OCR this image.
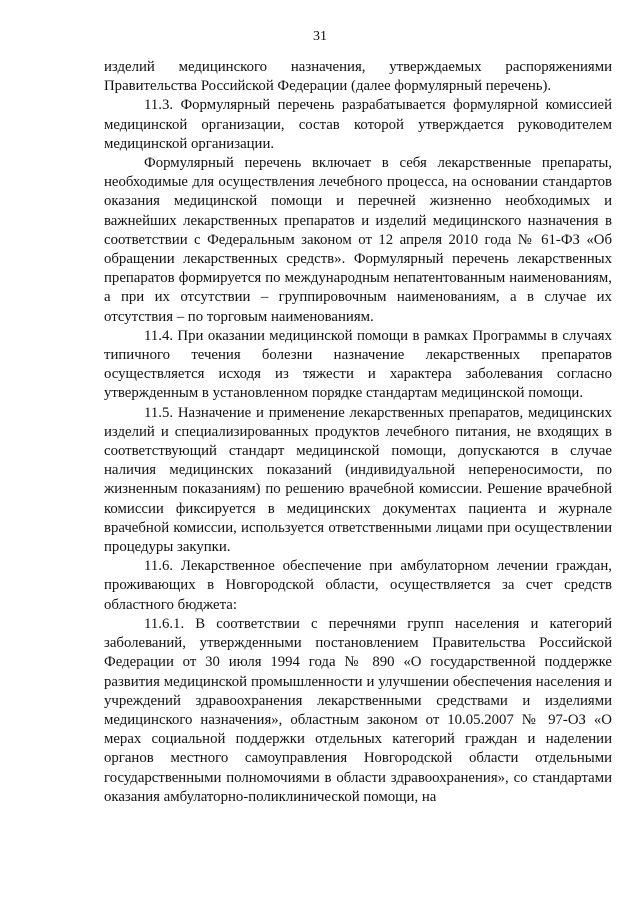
31

изделий медицинского назначения, утверждаемых распоряжениями Правительства Российской Федерации (далее формулярный перечень).

11.3. Формулярный перечень разрабатывается формулярной комиссией медицинской организации, состав которой утверждается руководителем медицинской организации.

Формулярный перечень включает в себя лекарственные препараты, необходимые для осуществления лечебного процесса, на основании стандартов оказания медицинской помощи и перечней жизненно необходимых и важнейших лекарственных препаратов и изделий медицинского назначения в соответствии с Федеральным законом от 12 апреля 2010 года № 61-ФЗ «Об обращении лекарственных средств». Формулярный перечень лекарственных препаратов формируется по международным непатентованным наименованиям, а при их отсутствии – группировочным наименованиям, а в случае их отсутствия – по торговым наименованиям.

11.4. При оказании медицинской помощи в рамках Программы в случаях типичного течения болезни назначение лекарственных препаратов осуществляется исходя из тяжести и характера заболевания согласно утвержденным в установленном порядке стандартам медицинской помощи.

11.5. Назначение и применение лекарственных препаратов, медицинских изделий и специализированных продуктов лечебного питания, не входящих в соответствующий стандарт медицинской помощи, допускаются в случае наличия медицинских показаний (индивидуальной непереносимости, по жизненным показаниям) по решению врачебной комиссии. Решение врачебной комиссии фиксируется в медицинских документах пациента и журнале врачебной комиссии, используется ответственными лицами при осуществлении процедуры закупки.

11.6. Лекарственное обеспечение при амбулаторном лечении граждан, проживающих в Новгородской области, осуществляется за счет средств областного бюджета:

11.6.1. В соответствии с перечнями групп населения и категорий заболеваний, утвержденными постановлением Правительства Российской Федерации от 30 июля 1994 года № 890 «О государственной поддержке развития медицинской промышленности и улучшении обеспечения населения и учреждений здравоохранения лекарственными средствами и изделиями медицинского назначения», областным законом от 10.05.2007 № 97-ОЗ «О мерах социальной поддержки отдельных категорий граждан и наделении органов местного самоуправления Новгородской области отдельными государственными полномочиями в области здравоохранения», со стандартами оказания амбулаторно-поликлинической помощи, на
